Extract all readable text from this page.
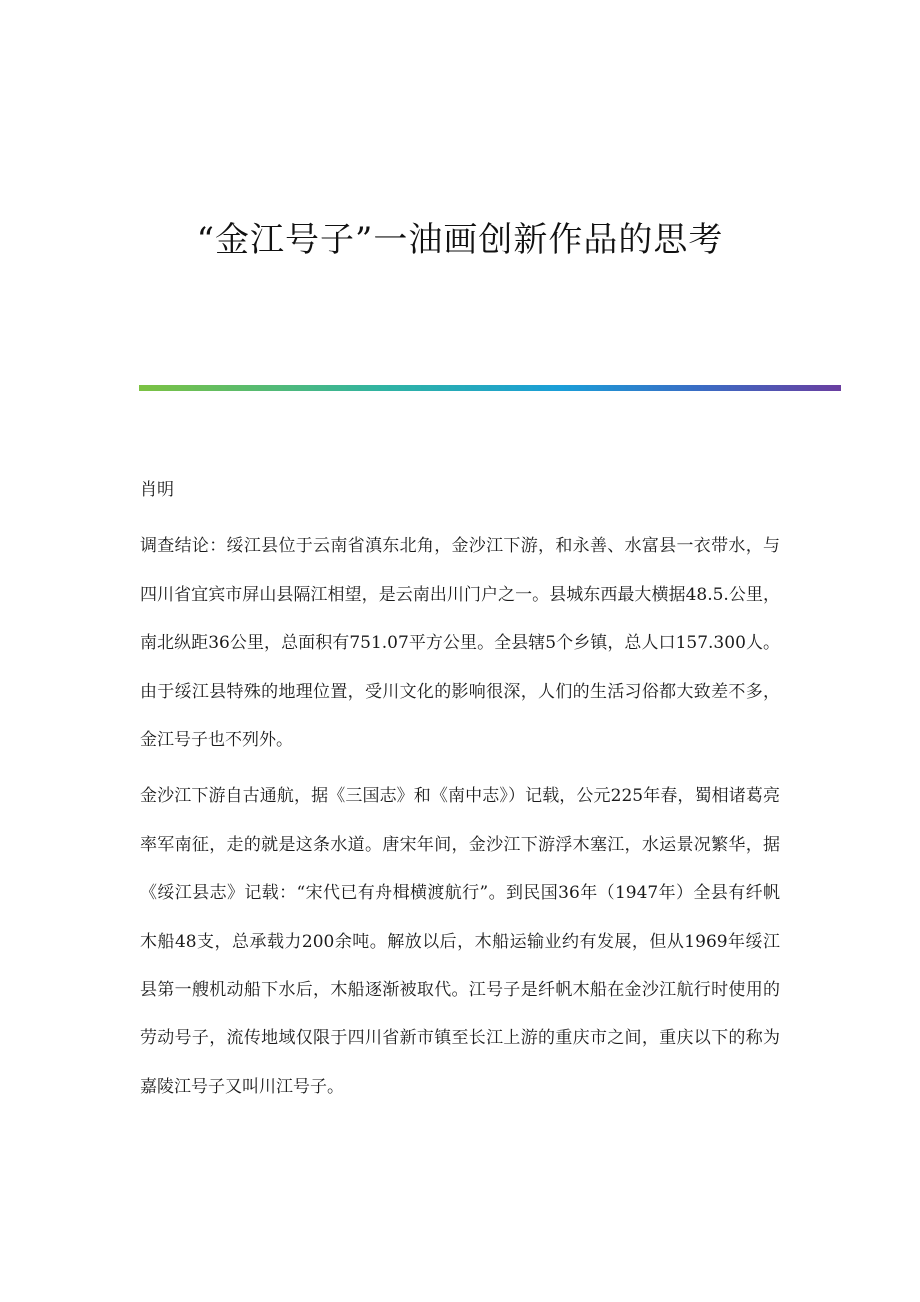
“金江号子”一油画创新作品的思考

肖明

调查结论：绥江县位于云南省滇东北角，金沙江下游，和永善、水富县一衣带水，与四川省宜宾市屏山县隔江相望，是云南出川门户之一。县城东西最大横据48.5.公里，南北纵距36公里，总面积有751.07平方公里。全县辖5个乡镇，总人口157.300人。由于绥江县特殊的地理位置，受川文化的影响很深，人们的生活习俗都大致差不多，金江号子也不列外。

金沙江下游自古通航，据《三国志》和《南中志》）记载，公元225年春，蜀相诸葛亮率军南征，走的就是这条水道。唐宋年间，金沙江下游浮木塞江，水运景况繁华，据《绥江县志》记载：“宋代已有舟楫横渡航行”。到民国36年（1947年）全县有纤帆木船48支，总承载力200余吨。解放以后，木船运输业约有发展，但从1969年绥江县第一艘机动船下水后，木船逐渐被取代。江号子是纤帆木船在金沙江航行时使用的劳动号子，流传地域仅限于四川省新市镇至长江上游的重庆市之间，重庆以下的称为嘉陵江号子又叫川江号子。
